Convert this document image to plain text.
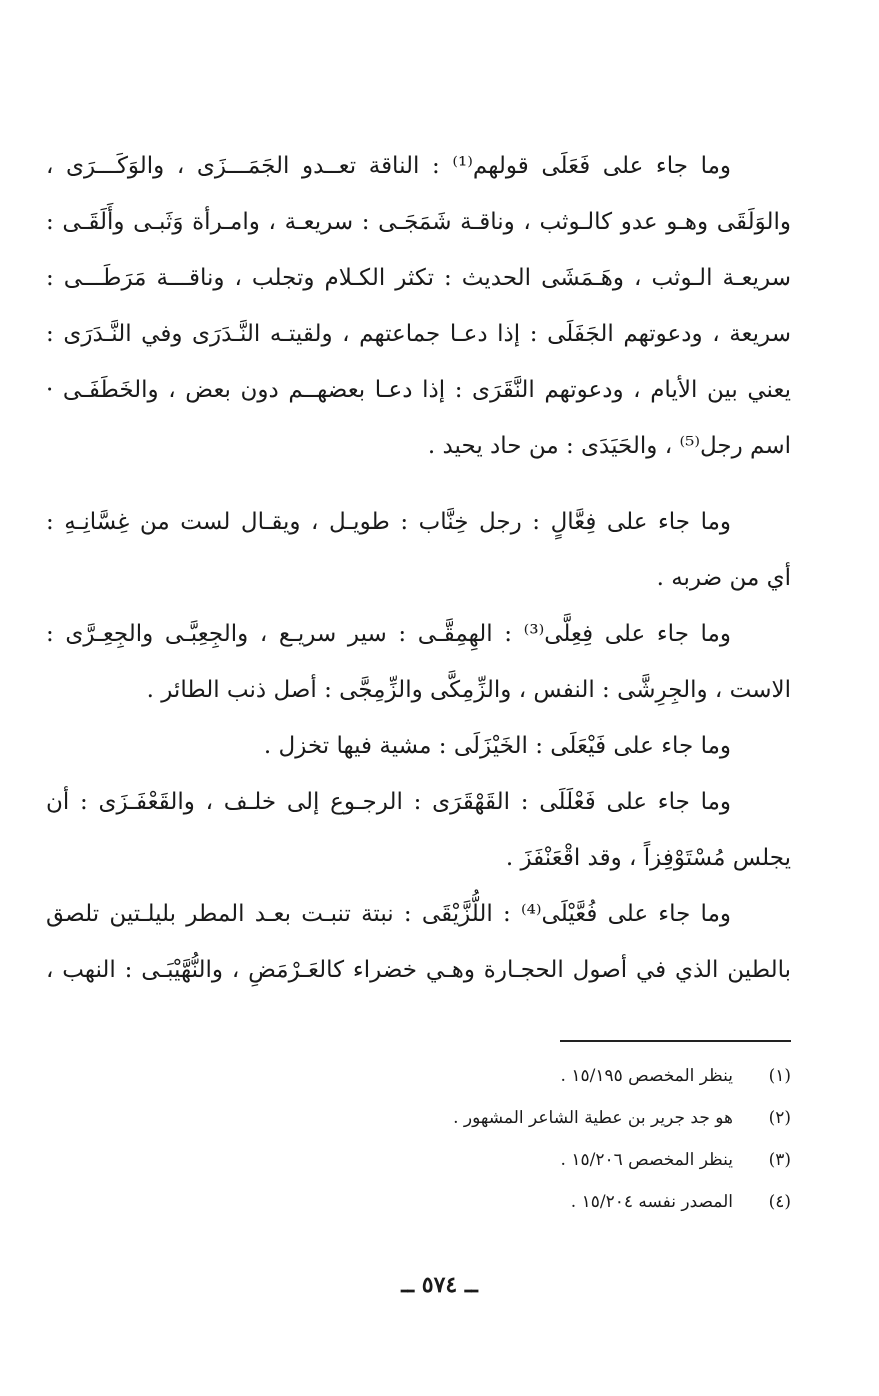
وما جاء على فَعَلَى قولهم⁽¹⁾ : الناقة تعــدو الجَمَـــزَى ، والوَكَـــرَى ،
والوَلَقَى وهـو عدو كالـوثب ، وناقـة شَمَجَـى : سريعـة ، وامـرأة وَثَبـى وأَلَقَـى :
سريعـة الـوثب ، وهَـمَشَى الحديث : تكثر الكـلام وتجلب ، وناقـــة مَرَطَـــى :
سريعة ، ودعوتهم الجَفَلَى : إذا دعـا جماعتهم ، ولقيتـه النَّـدَرَى وفي النَّـدَرَى :
يعني بين الأيام ، ودعوتهم النَّقَرَى : إذا دعـا بعضهــم دون بعض ، والخَطَفَـى ·
اسم رجل⁽⁵⁾ ، والحَيَدَى : من حاد يحيد .
وما جاء على فِعَّالٍ : رجل خِنَّاب : طويـل ، ويقـال لست من غِسَّانِـهِ :
أي من ضربه .
وما جاء على فِعِلَّى⁽³⁾ : الهِمِقَّـى : سير سريـع ، والجِعِبَّـى والجِعِـرَّى :
الاست ، والجِرِشَّى : النفس ، والزِّمِكَّى والزِّمِجَّى : أصل ذنب الطائر .
وما جاء على فَيْعَلَى : الخَيْزَلَى : مشية فيها تخزل .
وما جاء على فَعْلَلَى : القَهْقَرَى : الرجـوع إلى خلـف ، والقَعْفَـزَى : أن
يجلس مُسْتَوْفِزاً ، وقد اقْعَنْفَزَ .
وما جاء على فُعَّيْلَى⁽⁴⁾ : اللُّزَّيْقَى : نبتة تنبـت بعـد المطر بليلـتين تلصق
بالطين الذي في أصول الحجـارة وهـي خضراء كالعَـرْمَضِ ، والنُّهَّيْبَـى : النهب ،
(١)ينظر المخصص ١٥/١٩٥ .
(٢)هو جد جرير بن عطية الشاعر المشهور .
(٣)ينظر المخصص ١٥/٢٠٦ .
(٤)المصدر نفسه ١٥/٢٠٤ .
ــ ٥٧٤ ــ
